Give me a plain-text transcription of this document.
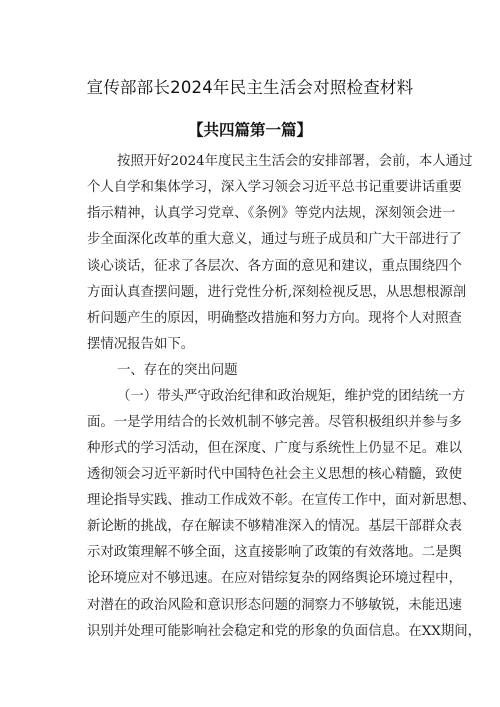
宣传部部长2024年民主生活会对照检查材料
【共四篇第一篇】
按照开好2024年度民主生活会的安排部署，会前，本人通过
个人自学和集体学习，深入学习领会习近平总书记重要讲话重要
指示精神，认真学习党章、《条例》等党内法规，深刻领会进一
步全面深化改革的重大意义，通过与班子成员和广大干部进行了
谈心谈话，征求了各层次、各方面的意见和建议，重点围绕四个
方面认真查摆问题，进行党性分析,深刻检视反思，从思想根源剖
析问题产生的原因，明确整改措施和努力方向。现将个人对照查
摆情况报告如下。
一、存在的突出问题
（一）带头严守政治纪律和政治规矩，维护党的团结统一方
面。一是学用结合的长效机制不够完善。尽管积极组织并参与多
种形式的学习活动，但在深度、广度与系统性上仍显不足。难以
透彻领会习近平新时代中国特色社会主义思想的核心精髓，致使
理论指导实践、推动工作成效不彰。在宣传工作中，面对新思想、
新论断的挑战，存在解读不够精准深入的情况。基层干部群众表
示对政策理解不够全面，这直接影响了政策的有效落地。二是舆
论环境应对不够迅速。在应对错综复杂的网络舆论环境过程中，
对潜在的政治风险和意识形态问题的洞察力不够敏锐，未能迅速
识别并处理可能影响社会稳定和党的形象的负面信息。在XX期间，
